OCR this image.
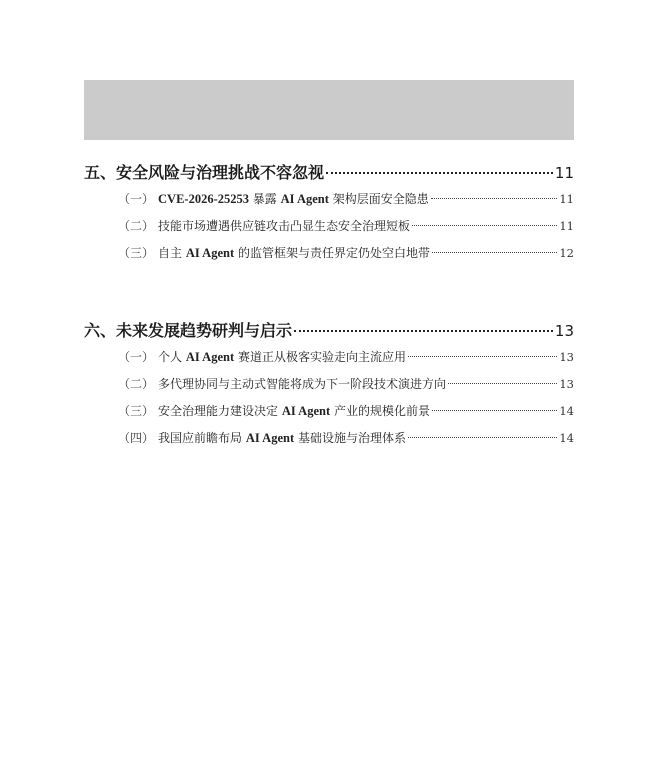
五、安全风险与治理挑战不容忽视	11
（一） CVE-2026-25253 暴露 AI Agent 架构层面安全隐患	11
（二） 技能市场遭遇供应链攻击凸显生态安全治理短板	11
（三） 自主 AI Agent 的监管框架与责任界定仍处空白地带	12
六、未来发展趋势研判与启示	13
（一） 个人 AI Agent 赛道正从极客实验走向主流应用	13
（二） 多代理协同与主动式智能将成为下一阶段技术演进方向	13
（三） 安全治理能力建设决定 AI Agent 产业的规模化前景	14
（四） 我国应前瞻布局 AI Agent 基础设施与治理体系	14
